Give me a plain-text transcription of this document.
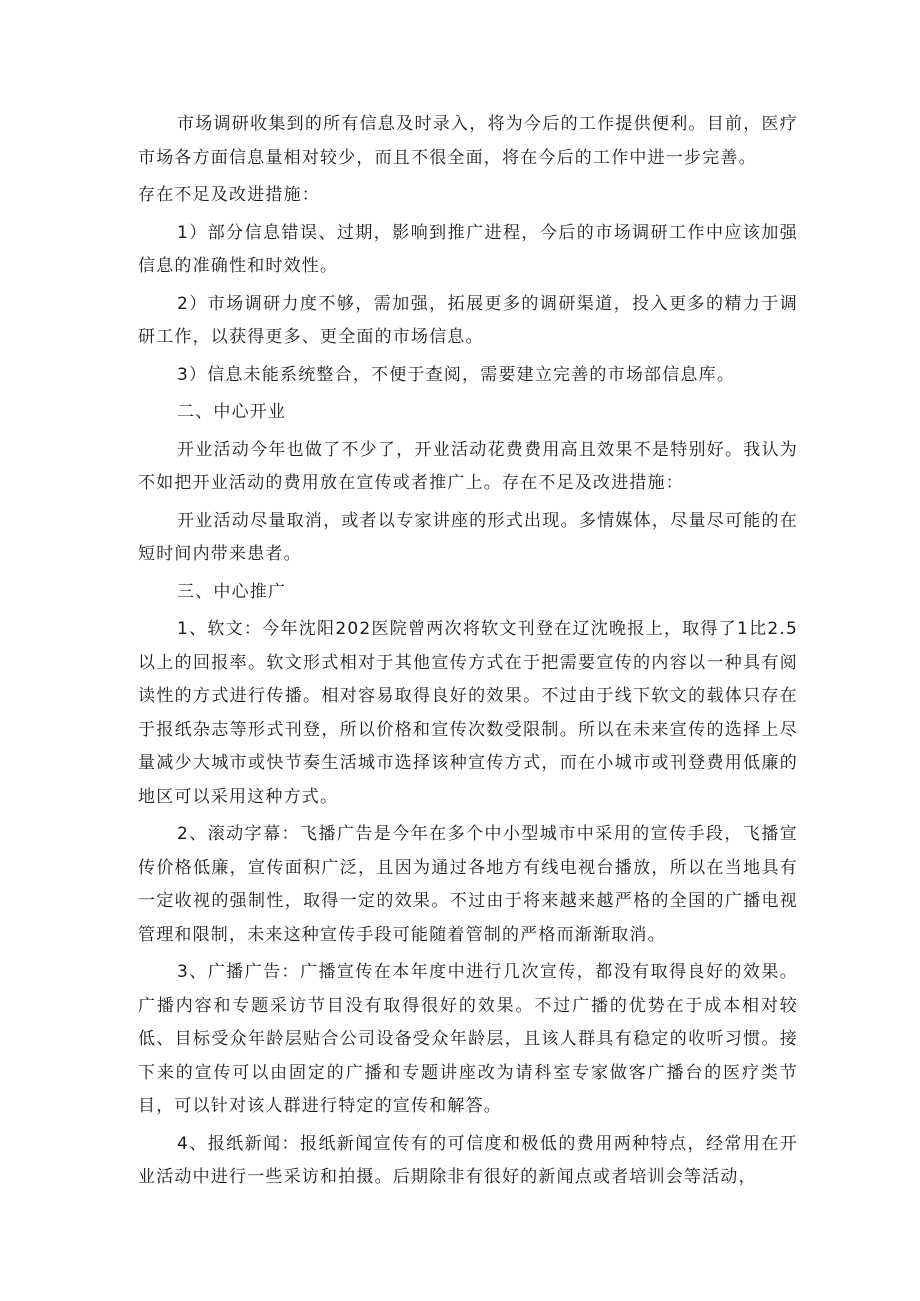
市场调研收集到的所有信息及时录入，将为今后的工作提供便利。目前，医疗市场各方面信息量相对较少，而且不很全面，将在今后的工作中进一步完善。

存在不足及改进措施：

1）部分信息错误、过期，影响到推广进程，今后的市场调研工作中应该加强信息的准确性和时效性。

2）市场调研力度不够，需加强，拓展更多的调研渠道，投入更多的精力于调研工作，以获得更多、更全面的市场信息。

3）信息未能系统整合，不便于查阅，需要建立完善的市场部信息库。

二、中心开业

开业活动今年也做了不少了，开业活动花费费用高且效果不是特别好。我认为不如把开业活动的费用放在宣传或者推广上。存在不足及改进措施：

开业活动尽量取消，或者以专家讲座的形式出现。多情媒体，尽量尽可能的在短时间内带来患者。

三、中心推广

1、软文：今年沈阳202医院曾两次将软文刊登在辽沈晚报上，取得了1比2.5以上的回报率。软文形式相对于其他宣传方式在于把需要宣传的内容以一种具有阅读性的方式进行传播。相对容易取得良好的效果。不过由于线下软文的载体只存在于报纸杂志等形式刊登，所以价格和宣传次数受限制。所以在未来宣传的选择上尽量减少大城市或快节奏生活城市选择该种宣传方式，而在小城市或刊登费用低廉的地区可以采用这种方式。

2、滚动字幕：飞播广告是今年在多个中小型城市中采用的宣传手段，飞播宣传价格低廉，宣传面积广泛，且因为通过各地方有线电视台播放，所以在当地具有一定收视的强制性，取得一定的效果。不过由于将来越来越严格的全国的广播电视管理和限制，未来这种宣传手段可能随着管制的严格而渐渐取消。

3、广播广告：广播宣传在本年度中进行几次宣传，都没有取得良好的效果。广播内容和专题采访节目没有取得很好的效果。不过广播的优势在于成本相对较低、目标受众年龄层贴合公司设备受众年龄层，且该人群具有稳定的收听习惯。接下来的宣传可以由固定的广播和专题讲座改为请科室专家做客广播台的医疗类节目，可以针对该人群进行特定的宣传和解答。

4、报纸新闻：报纸新闻宣传有的可信度和极低的费用两种特点，经常用在开业活动中进行一些采访和拍摄。后期除非有很好的新闻点或者培训会等活动，
